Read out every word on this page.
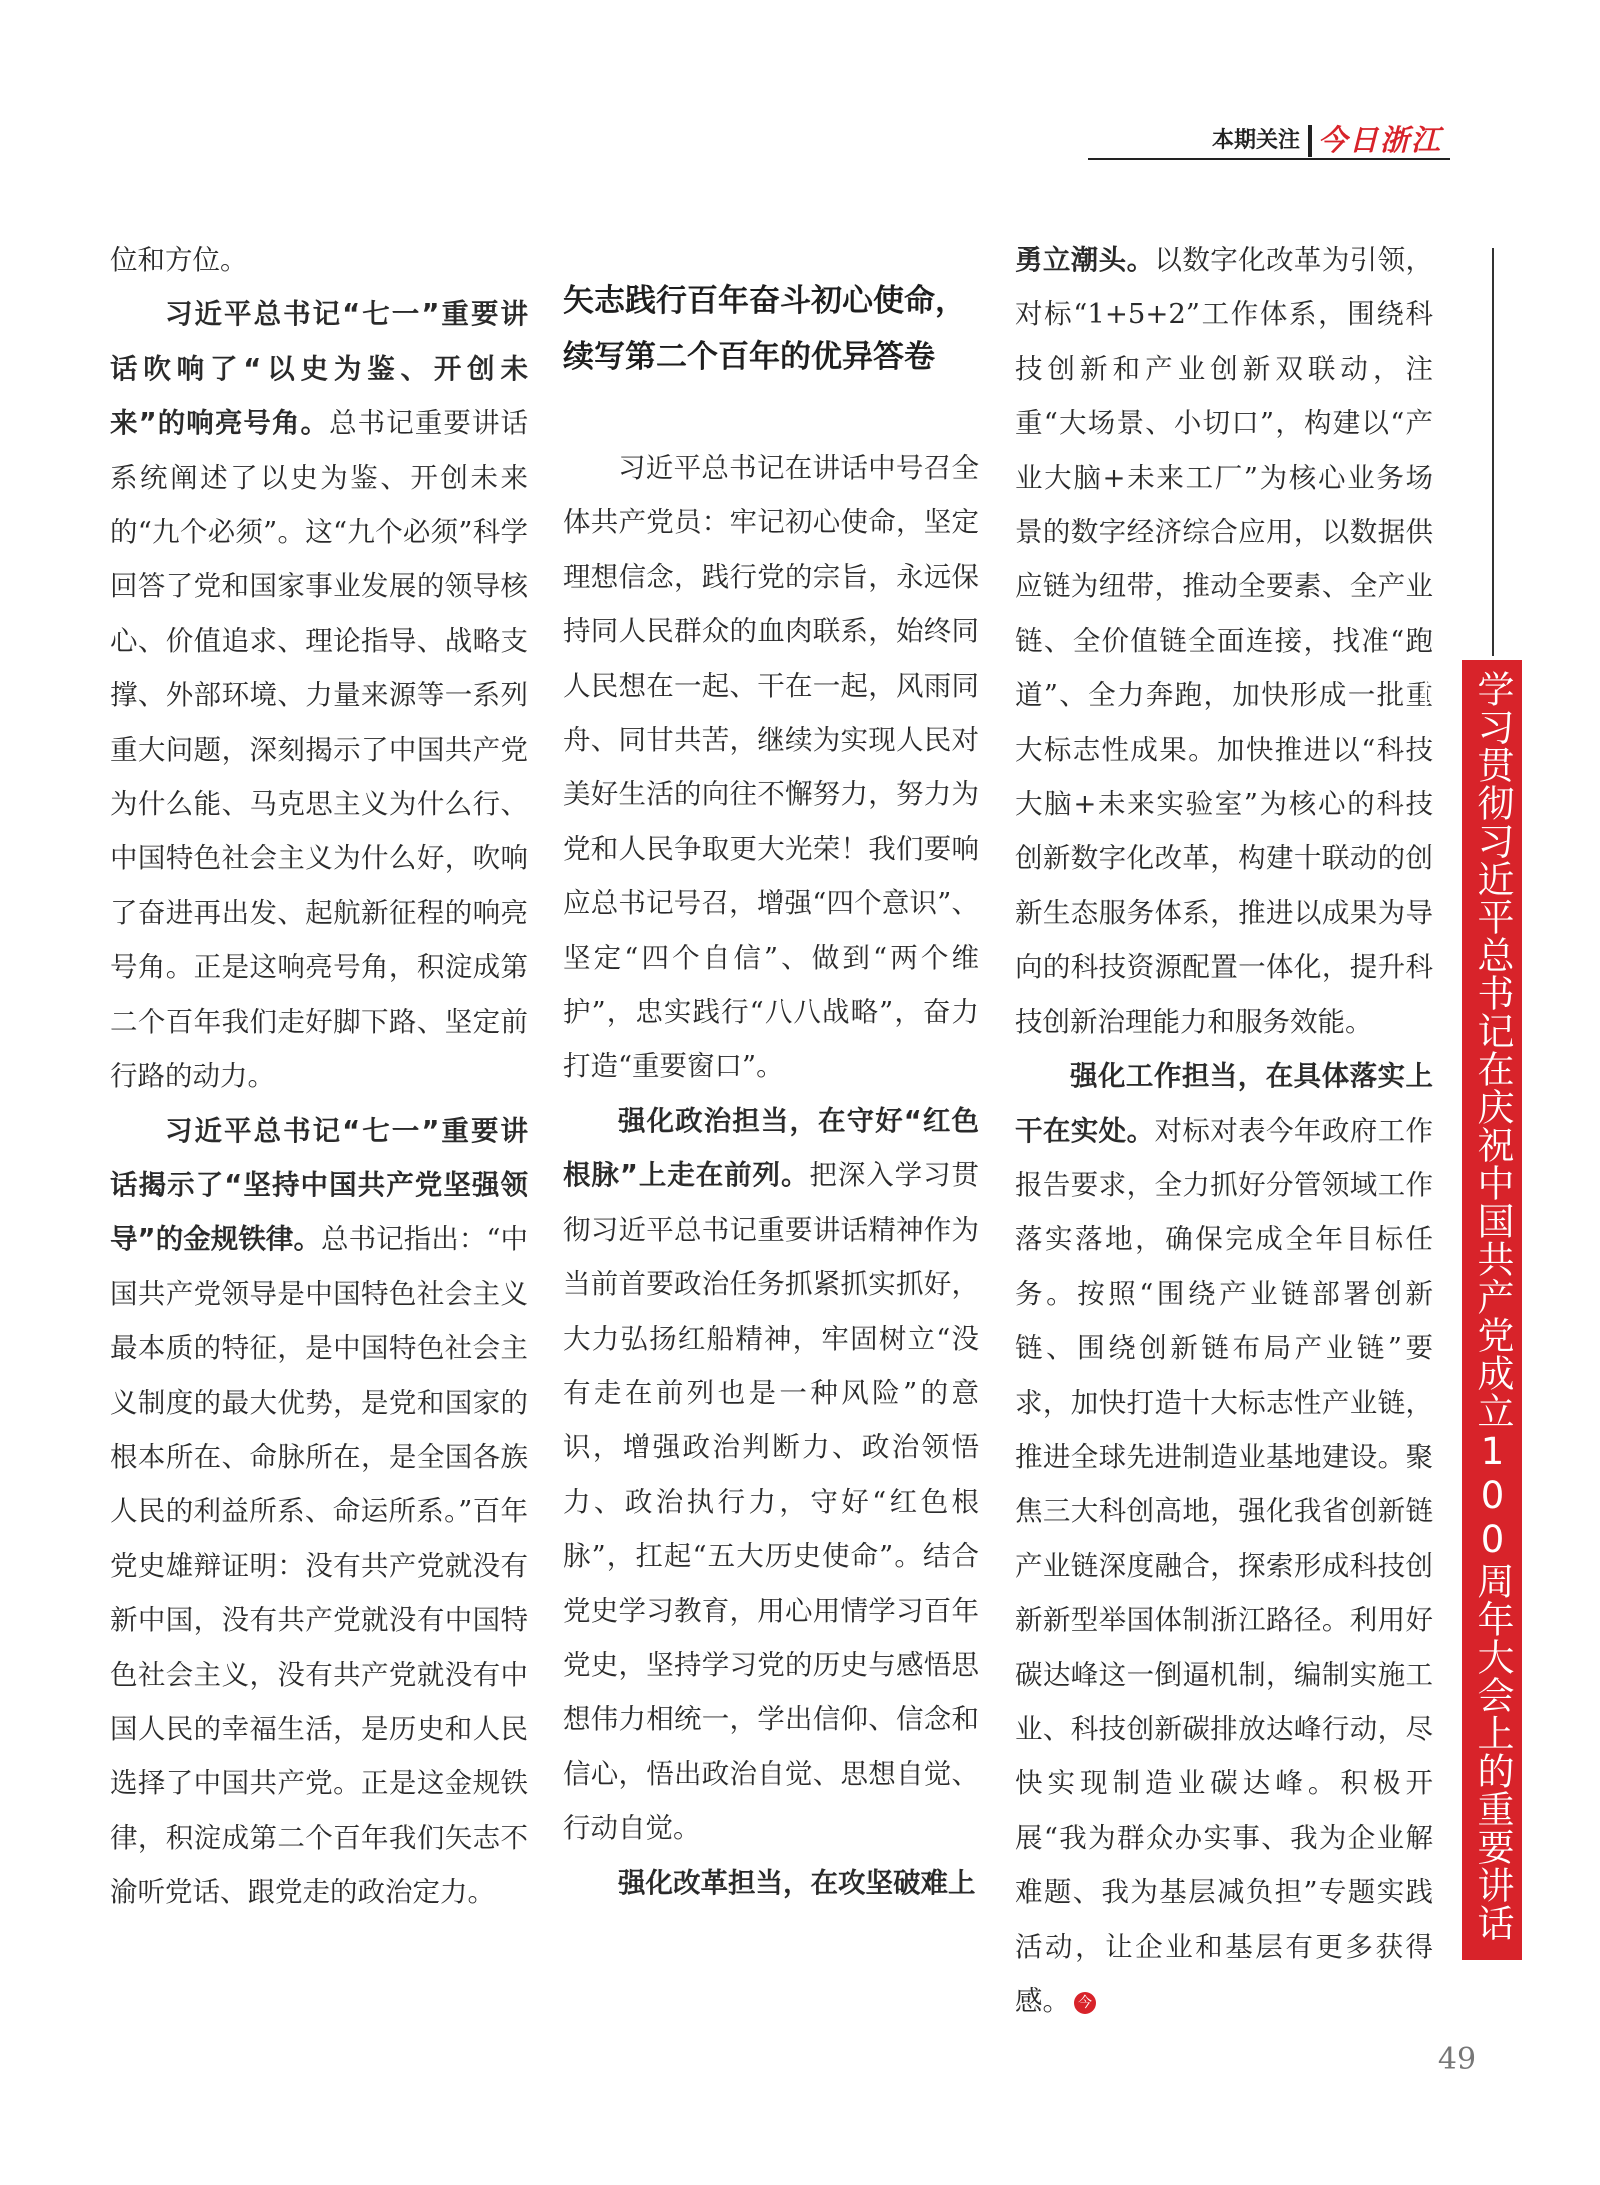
本期关注 今日浙江

位和方位。

习近平总书记“七一”重要讲话吹响了“以史为鉴、开创未来”的响亮号角。总书记重要讲话系统阐述了以史为鉴、开创未来的“九个必须”。这“九个必须”科学回答了党和国家事业发展的领导核心、价值追求、理论指导、战略支撑、外部环境、力量来源等一系列重大问题，深刻揭示了中国共产党为什么能、马克思主义为什么行、中国特色社会主义为什么好，吹响了奋进再出发、起航新征程的响亮号角。正是这响亮号角，积淀成第二个百年我们走好脚下路、坚定前行路的动力。

习近平总书记“七一”重要讲话揭示了“坚持中国共产党坚强领导”的金规铁律。总书记指出：“中国共产党领导是中国特色社会主义最本质的特征，是中国特色社会主义制度的最大优势，是党和国家的根本所在、命脉所在，是全国各族人民的利益所系、命运所系。”百年党史雄辩证明：没有共产党就没有新中国，没有共产党就没有中国特色社会主义，没有共产党就没有中国人民的幸福生活，是历史和人民选择了中国共产党。正是这金规铁律，积淀成第二个百年我们矢志不渝听党话、跟党走的政治定力。

矢志践行百年奋斗初心使命，续写第二个百年的优异答卷

习近平总书记在讲话中号召全体共产党员：牢记初心使命，坚定理想信念，践行党的宗旨，永远保持同人民群众的血肉联系，始终同人民想在一起、干在一起，风雨同舟、同甘共苦，继续为实现人民对美好生活的向往不懈努力，努力为党和人民争取更大光荣！我们要响应总书记号召，增强“四个意识”、坚定“四个自信”、做到“两个维护”，忠实践行“八八战略”，奋力打造“重要窗口”。

强化政治担当，在守好“红色根脉”上走在前列。把深入学习贯彻习近平总书记重要讲话精神作为当前首要政治任务抓紧抓实抓好，大力弘扬红船精神，牢固树立“没有走在前列也是一种风险”的意识，增强政治判断力、政治领悟力、政治执行力，守好“红色根脉”，扛起“五大历史使命”。结合党史学习教育，用心用情学习百年党史，坚持学习党的历史与感悟思想伟力相统一，学出信仰、信念和信心，悟出政治自觉、思想自觉、行动自觉。

强化改革担当，在攻坚破难上

勇立潮头。以数字化改革为引领，对标“1+5+2”工作体系，围绕科技创新和产业创新双联动，注重“大场景、小切口”，构建以“产业大脑+未来工厂”为核心业务场景的数字经济综合应用，以数据供应链为纽带，推动全要素、全产业链、全价值链全面连接，找准“跑道”、全力奔跑，加快形成一批重大标志性成果。加快推进以“科技大脑+未来实验室”为核心的科技创新数字化改革，构建十联动的创新生态服务体系，推进以成果为导向的科技资源配置一体化，提升科技创新治理能力和服务效能。

强化工作担当，在具体落实上干在实处。对标对表今年政府工作报告要求，全力抓好分管领域工作落实落地，确保完成全年目标任务。按照“围绕产业链部署创新链、围绕创新链布局产业链”要求，加快打造十大标志性产业链，推进全球先进制造业基地建设。聚焦三大科创高地，强化我省创新链产业链深度融合，探索形成科技创新新型举国体制浙江路径。利用好碳达峰这一倒逼机制，编制实施工业、科技创新碳排放达峰行动，尽快实现制造业碳达峰。积极开展“我为群众办实事、我为企业解难题、我为基层减负担”专题实践活动，让企业和基层有更多获得感。 今

学习贯彻习近平总书记在庆祝中国共产党成立100周年大会上的重要讲话精神
49
